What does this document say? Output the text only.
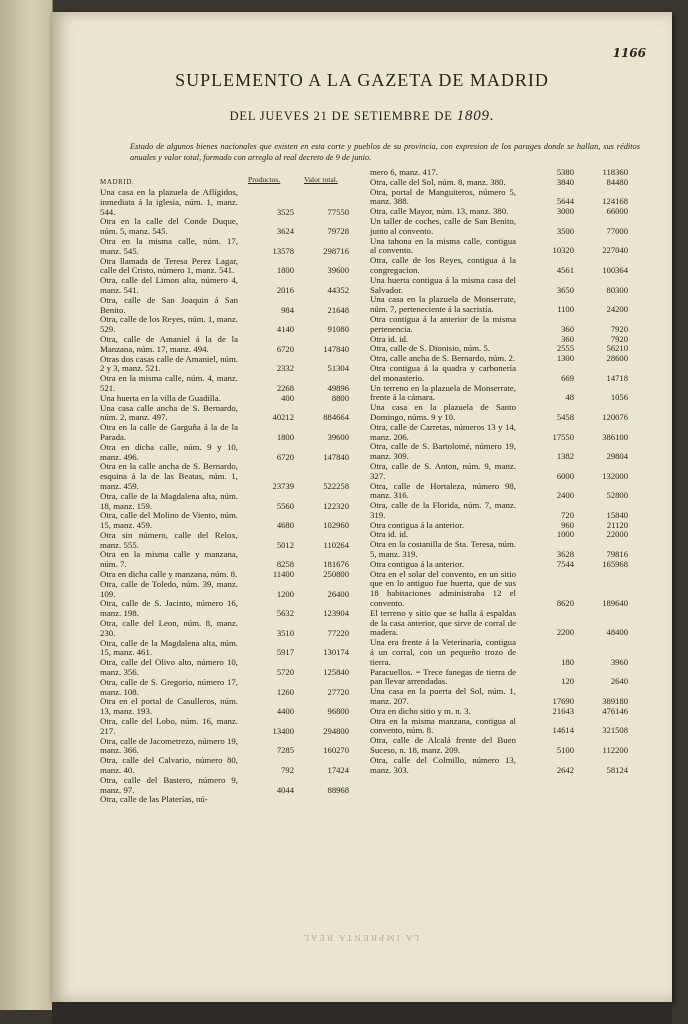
1166
SUPLEMENTO A LA GAZETA DE MADRID
DEL JUEVES 21 DE SETIEMBRE DE 1809.
Estado de algunos bienes nacionales que existen en esta corte y pueblos de su provincia, con expresion de los parages donde se hallan, sus réditos anuales y valor total, formado con arreglo al real decreto de 9 de junio.
MADRID.	Productos.	Valor total.
Una casa en la plazuela de Aflígidos, inmediata á la iglesia, núm. 1, manz. 544.	3525	77550
Otra en la calle del Conde Duque, núm. 5, manz. 545.	3624	79728
Otra en la misma calle, núm. 17, manz. 545.	13578	298716
Otra llamada de Teresa Perez Lagar, calle del Cristo, número 1, manz. 541.	1800	39600
Otra, calle del Limon alta, número 4, manz. 541.	2016	44352
Otra, calle de San Joaquin á San Benito.	984	21648
Otra, calle de los Reyes, núm. 1, manz. 529.	4140	91080
Otra, calle de Amaniel á la de la Manzana, núm. 17, manz. 494.	6720	147840
Otras dos casas calle de Amaniel, núm. 2 y 3, manz. 521.	2332	51304
Otra en la misma calle, núm. 4, manz. 521.	2268	49896
Una huerta en la villa de Guadilla.	400	8800
Una casa calle ancha de S. Bernardo, núm. 2, manz. 497.	40212	884664
Otra en la calle de Garguña á la de la Parada.	1800	39600
Otra en dicha calle, núm. 9 y 10, manz. 496.	6720	147840
Otra en la calle ancha de S. Bernardo, esquina á la de las Beatas, núm. 1, manz. 459.	23739	522258
Otra, calle de la Magdalena alta, núm. 18, manz. 159.	5560	122320
Otra, calle del Molino de Viento, núm. 15, manz. 459.	4680	102960
Otra sin número, calle del Relox, manz. 555.	5012	110264
Otra en la misma calle y manzana, núm. 7.	8258	181676
Otra en dicha calle y manzana, núm. 8.	11400	250800
Otra, calle de Toledo, núm. 39, manz. 109.	1200	26400
Otra, calle de S. Jacinto, número 16, manz. 198.	5632	123904
Otra, calle del Leon, núm. 8, manz. 230.	3510	77220
Otra, calle de la Magdalena alta, núm. 15, manz. 461.	5917	130174
Otra, calle del Olivo alto, número 10, manz. 356.	5720	125840
Otra, calle de S. Gregorio, número 17, manz. 108.	1260	27720
Otra en el portal de Casulleros, núm. 13, manz. 193.	4400	96800
Otra, calle del Lobo, núm. 16, manz. 217.	13400	294800
Otra, calle de Jacometrezo, número 19, manz. 366.	7285	160270
Otra, calle del Calvario, número 80, manz. 40.	792	17424
Otra, calle del Bastero, número 9, manz. 97.	4044	88968
Otra, calle de las Platerías, nú-
mero 6, manz. 417.	5380	118360
Otra, calle del Sol, núm. 8, manz. 380.	3840	84480
Otra, portal de Manguiteros, número 5, manz. 388.	5644	124168
Otra, calle Mayor, núm. 13, manz. 380.	3000	66000
Un taller de coches, calle de San Benito, junto al convento.	3500	77000
Una tahona en la misma calle, contigua al convento.	10320	227040
Otra, calle de los Reyes, contigua á la congregacion.	4561	100364
Una huerta contigua á la misma casa del Salvador.	3650	80300
Una casa en la plazuela de Monserrate, núm. 7, perteneciente á la sacristía.	1100	24200
Otra contigua á la anterior de la misma pertenencia.	360	7920
Otra id. id.	360	7920
Otra, calle de S. Dionisio, núm. 5.	2555	56210
Otra, calle ancha de S. Bernardo, núm. 2.	1300	28600
Otra contigua á la quadra y carbonería del monasterio.	669	14718
Un terreno en la plazuela de Monserrate, frente á la cámara.	48	1056
Una casa en la plazuela de Santo Domingo, núms. 9 y 10.	5458	120076
Otra, calle de Carretas, números 13 y 14, manz. 206.	17550	386100
Otra, calle de S. Bartolomé, número 19, manz. 309.	1382	29804
Otra, calle de S. Anton, núm. 9, manz. 327.	6000	132000
Otra, calle de Hortaleza, número 98, manz. 316.	2400	52800
Otra, calle de la Florida, núm. 7, manz. 319.	720	15840
Otra contigua á la anterior.	960	21120
Otra id. id.	1000	22000
Otra en la costanilla de Sta. Teresa, núm. 5, manz. 319.	3628	79816
Otra contigua á la anterior.	7544	165968
Otra en el solar del convento, en un sitio que en lo antiguo fue huerta, que de sus 18 habitaciones administraba 12 el convento.	8620	189640
El terreno y sitio que se halla á espaldas de la casa anterior, que sirve de corral de madera.	2200	48400
Una era frente á la Veterinaria, contigua á un corral, con un pequeño trozo de tierra.	180	3960
Paracuellos. = Trece fanegas de tierra de pan llevar arrendadas.	120	2640
Una casa en la puerta del Sol, núm. 1, manz. 207.	17690	389180
Otra en dicho sitio y m. n. 3.	21643	476146
Otra en la misma manzana, contigua al convento, núm. 8.	14614	321508
Otra, calle de Alcalá frente del Buen Suceso, n. 18, manz. 209.	5100	112200
Otra, calle del Colmillo, número 13, manz. 303.	2642	58124
LA IMPRENTA REAL
